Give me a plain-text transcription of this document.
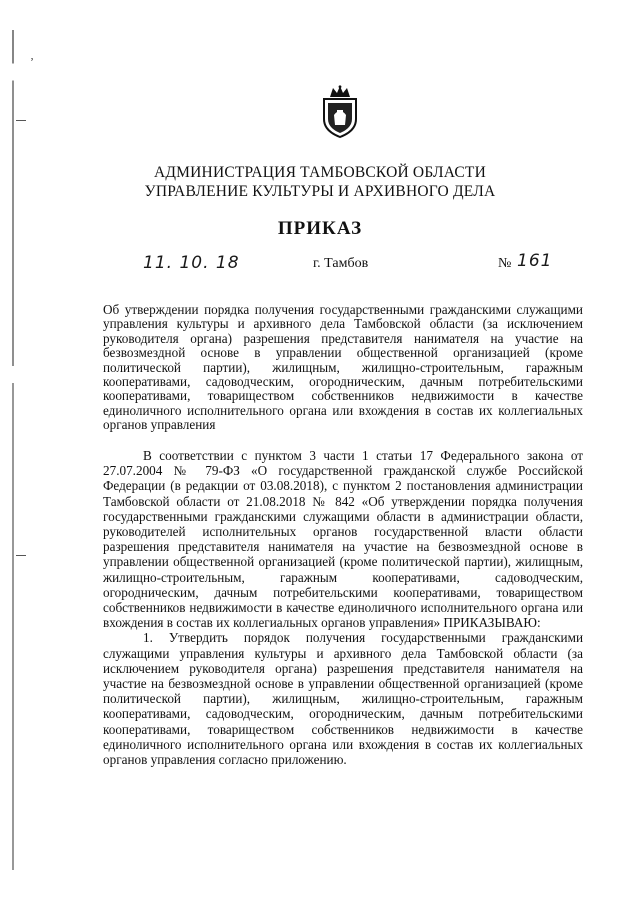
ʼ
АДМИНИСТРАЦИЯ ТАМБОВСКОЙ ОБЛАСТИ
УПРАВЛЕНИЕ КУЛЬТУРЫ И АРХИВНОГО ДЕЛА
ПРИКАЗ
11. 10. 18	г. Тамбов	№ 161
Об утверждении порядка получения государственными гражданскими служащими управления культуры и архивного дела Тамбовской области (за исключением руководителя органа) разрешения представителя нанимателя на участие на безвозмездной основе в управлении общественной организацией (кроме политической партии), жилищным, жилищно-строительным, гаражным кооперативами, садоводческим, огородническим, дачным потребительскими кооперативами, товариществом собственников недвижимости в качестве единоличного исполнительного органа или вхождения в состав их коллегиальных органов управления

В соответствии с пунктом 3 части 1 статьи 17 Федерального закона от 27.07.2004 № 79-ФЗ «О государственной гражданской службе Российской Федерации (в редакции от 03.08.2018), с пунктом 2 постановления администрации Тамбовской области от 21.08.2018 № 842 «Об утверждении порядка получения государственными гражданскими служащими области в администрации области, руководителей исполнительных органов государственной власти области разрешения представителя нанимателя на участие на безвозмездной основе в управлении общественной организацией (кроме политической партии), жилищным, жилищно-строительным, гаражным кооперативами, садоводческим, огородническим, дачным потребительскими кооперативами, товариществом собственников недвижимости в качестве единоличного исполнительного органа или вхождения в состав их коллегиальных органов управления» ПРИКАЗЫВАЮ:

1. Утвердить порядок получения государственными гражданскими служащими управления культуры и архивного дела Тамбовской области (за исключением руководителя органа) разрешения представителя нанимателя на участие на безвозмездной основе в управлении общественной организацией (кроме политической партии), жилищным, жилищно-строительным, гаражным кооперативами, садоводческим, огородническим, дачным потребительскими кооперативами, товариществом собственников недвижимости в качестве единоличного исполнительного органа или вхождения в состав их коллегиальных органов управления согласно приложению.
